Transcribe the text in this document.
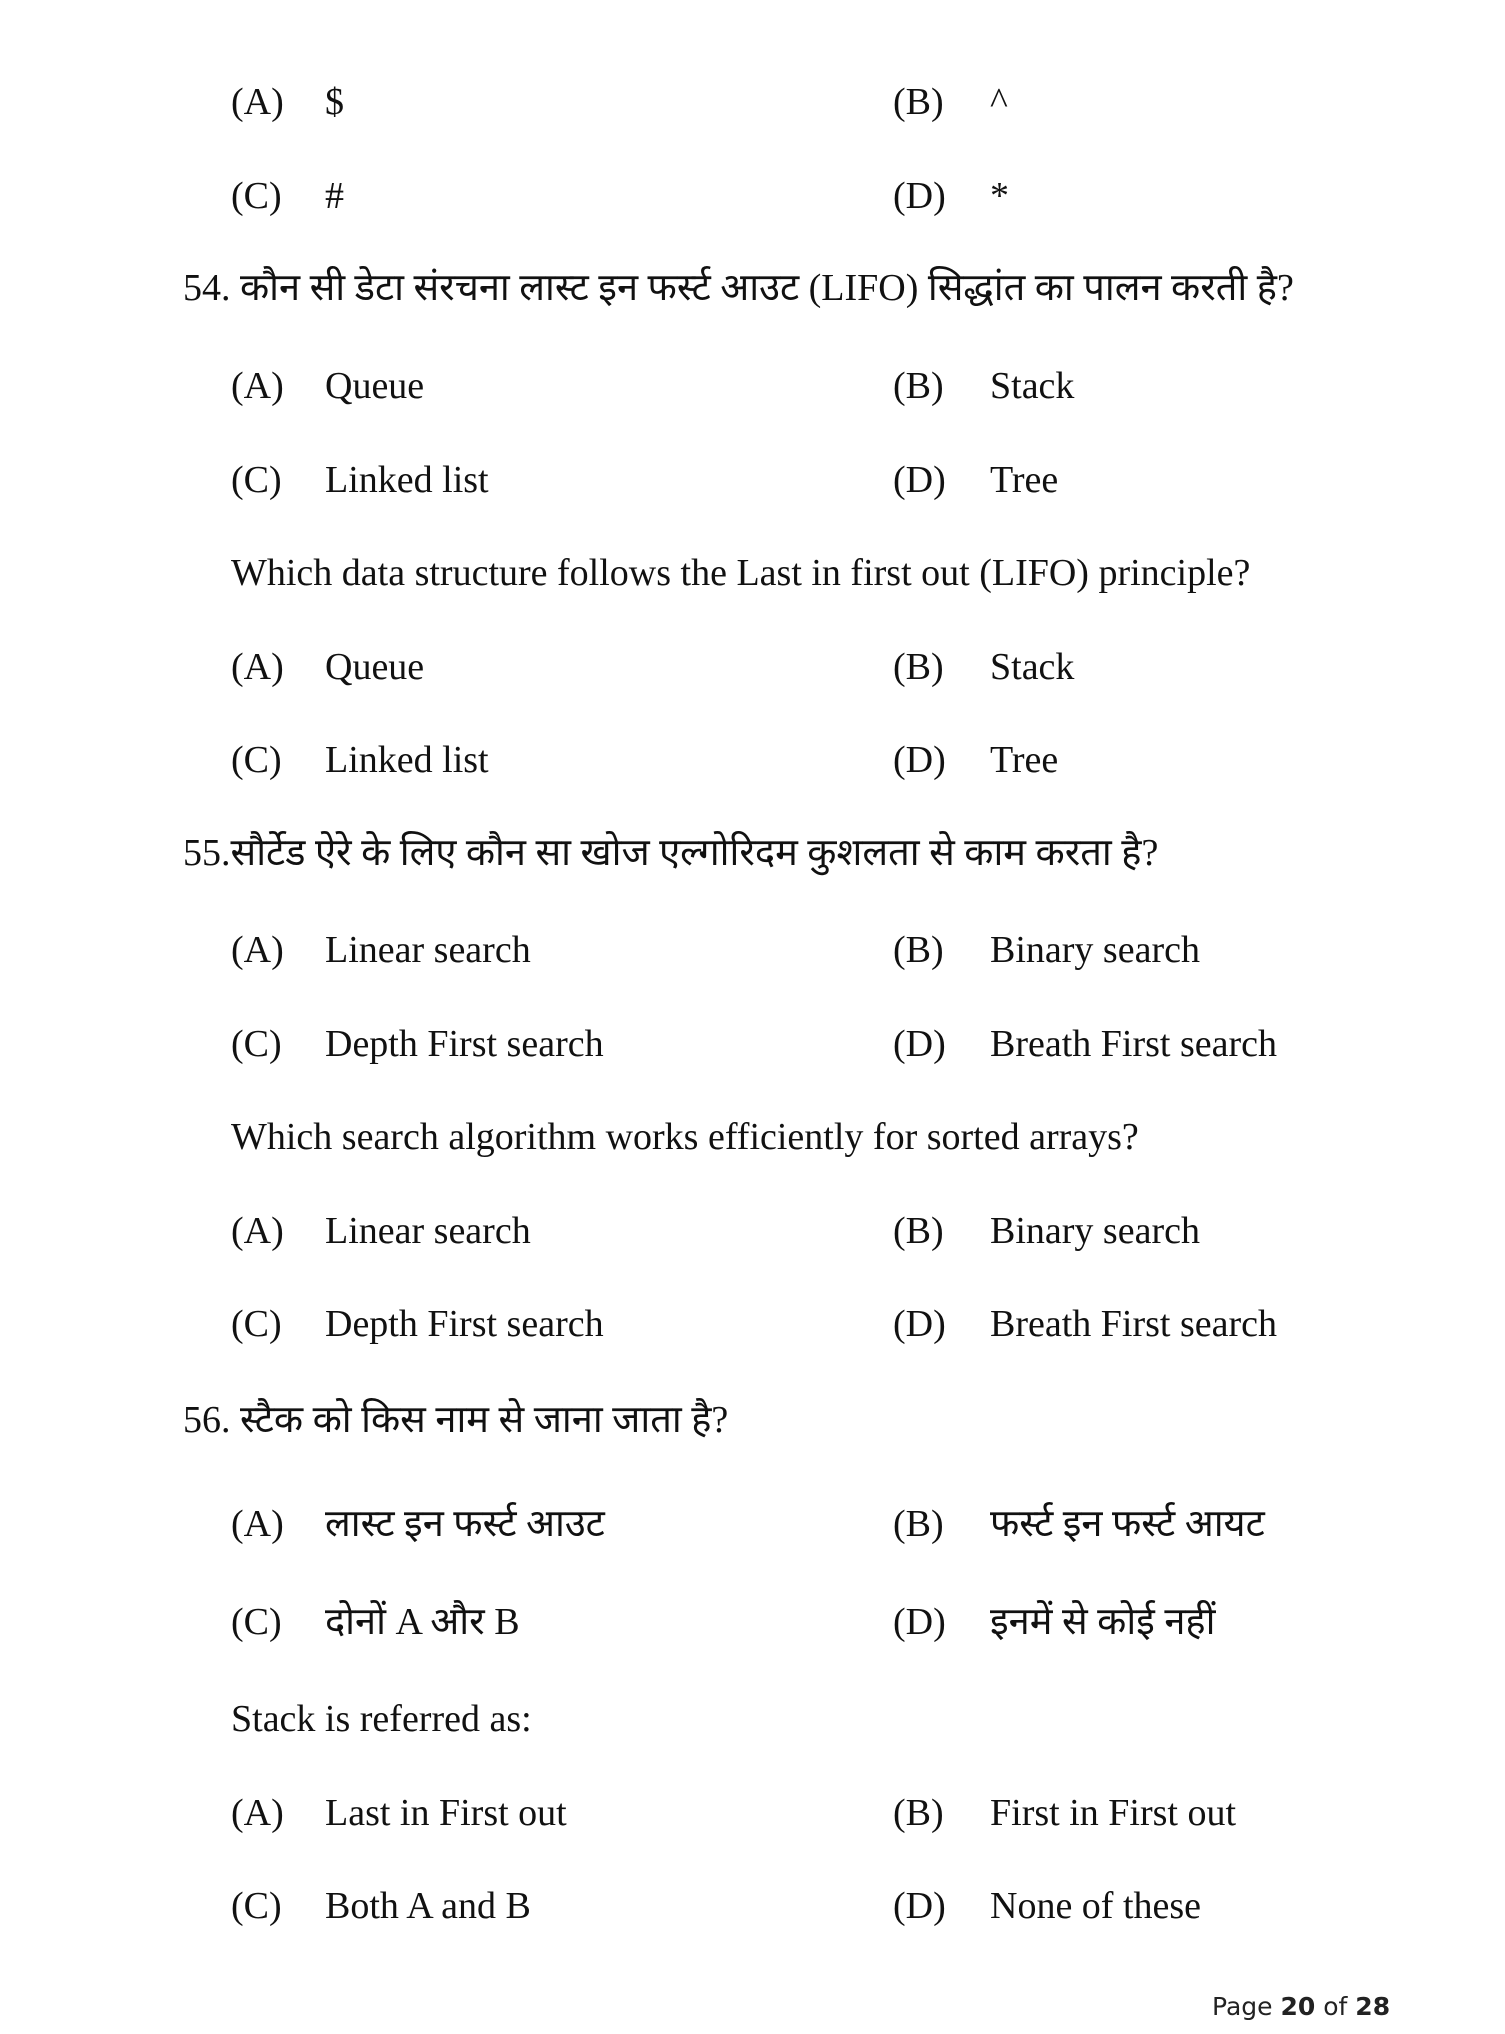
(A) $	(B) ^
(C) #	(D) *
54. कौन सी डेटा संरचना लास्ट इन फर्स्ट आउट (LIFO) सिद्धांत का पालन करती है?
(A) Queue	(B) Stack
(C) Linked list	(D) Tree
Which data structure follows the Last in first out (LIFO) principle?
(A) Queue	(B) Stack
(C) Linked list	(D) Tree
55.सौर्टेड ऐरे के लिए कौन सा खोज एल्गोरिदम कुशलता से काम करता है?
(A) Linear search	(B) Binary search
(C) Depth First search	(D) Breath First search
Which search algorithm works efficiently for sorted arrays?
(A) Linear search	(B) Binary search
(C) Depth First search	(D) Breath First search
56. स्टैक को किस नाम से जाना जाता है?
(A) लास्ट इन फर्स्ट आउट	(B) फर्स्ट इन फर्स्ट आयट
(C) दोनों A और B	(D) इनमें से कोई नहीं
Stack is referred as:
(A) Last in First out	(B) First in First out
(C) Both A and B	(D) None of these
Page 20 of 28
